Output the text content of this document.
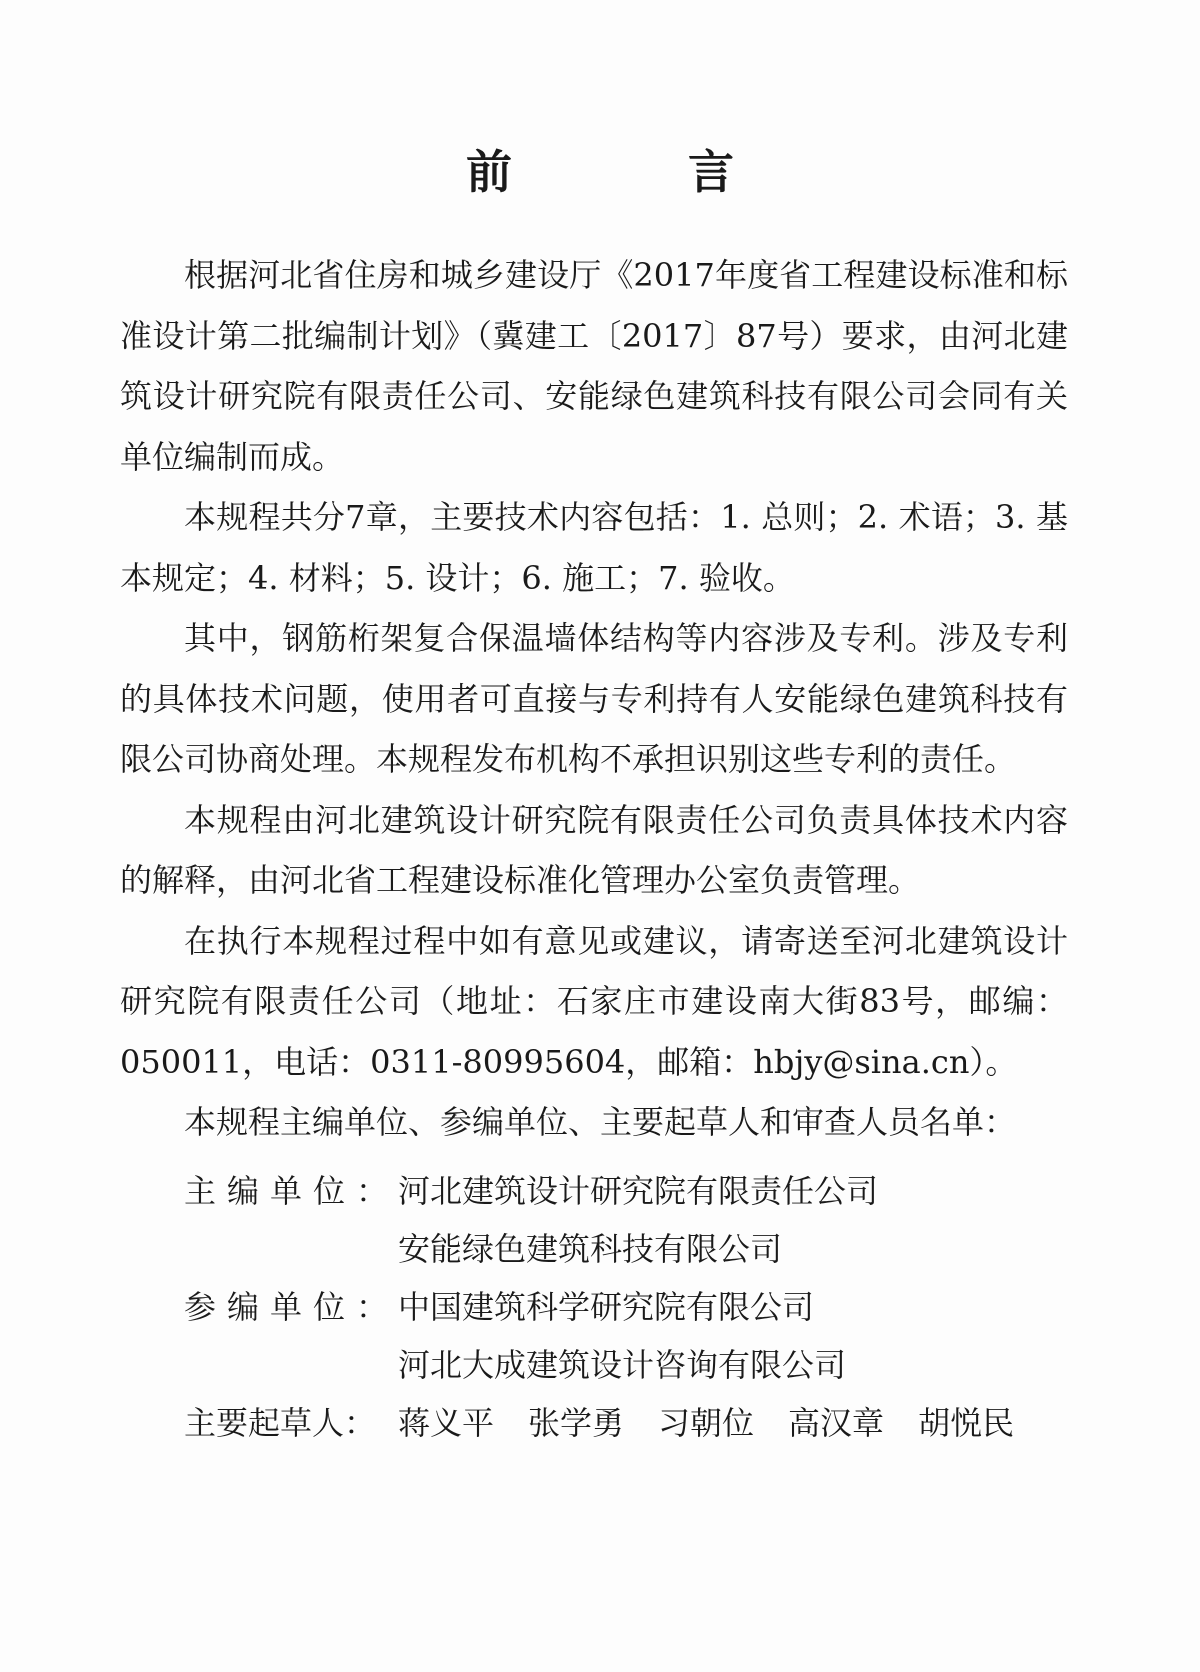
前 言

根据河北省住房和城乡建设厅《2017年度省工程建设标准和标准设计第二批编制计划》（冀建工〔2017〕87号）要求，由河北建筑设计研究院有限责任公司、安能绿色建筑科技有限公司会同有关单位编制而成。

本规程共分7章，主要技术内容包括：1. 总则；2. 术语；3. 基本规定；4. 材料；5. 设计；6. 施工；7. 验收。

其中，钢筋桁架复合保温墙体结构等内容涉及专利。涉及专利的具体技术问题，使用者可直接与专利持有人安能绿色建筑科技有限公司协商处理。本规程发布机构不承担识别这些专利的责任。

本规程由河北建筑设计研究院有限责任公司负责具体技术内容的解释，由河北省工程建设标准化管理办公室负责管理。

在执行本规程过程中如有意见或建议，请寄送至河北建筑设计研究院有限责任公司（地址：石家庄市建设南大街83号，邮编：050011，电话：0311-80995604，邮箱：hbjy@sina.cn）。

本规程主编单位、参编单位、主要起草人和审查人员名单：

主 编 单 位 ： 河北建筑设计研究院有限责任公司
安能绿色建筑科技有限公司
参 编 单 位 ： 中国建筑科学研究院有限公司
河北大成建筑设计咨询有限公司
主要起草人： 蒋义平 张学勇 习朝位 高汉章 胡悦民
